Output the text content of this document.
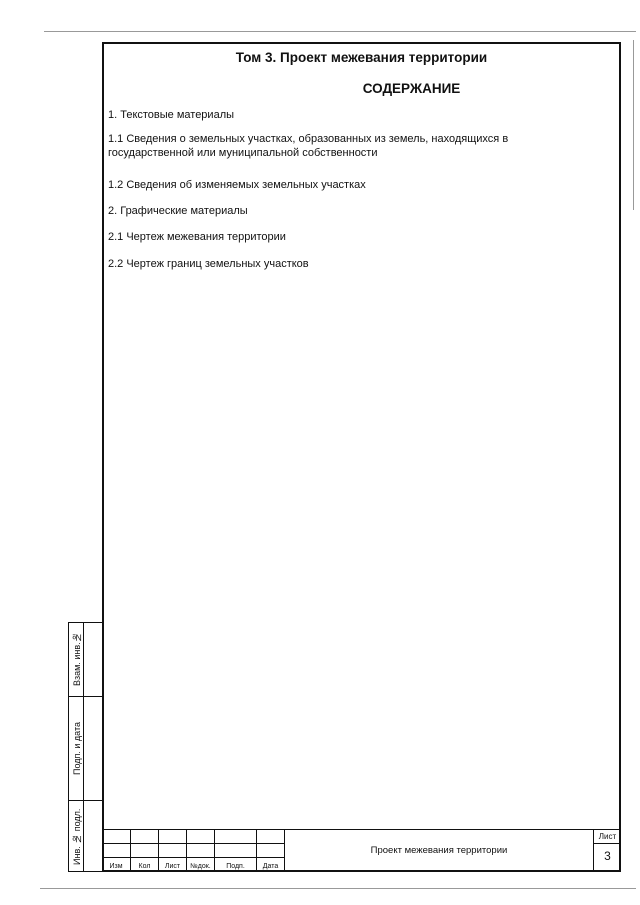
Том 3. Проект межевания территории
СОДЕРЖАНИЕ

1. Текстовые материалы

1.1 Сведения о земельных участках, образованных из земель, находящихся в государственной или муниципальной собственности

1.2 Сведения об изменяемых земельных участках

2. Графические материалы

2.1 Чертеж межевания территории

2.2 Чертеж границ земельных участков

Взам. инв.№
Подп. и дата
Инв. № подл.
Изм	Кол	Лист	№док.	Подп.	Дата
Проект межевания территории
Лист
3
